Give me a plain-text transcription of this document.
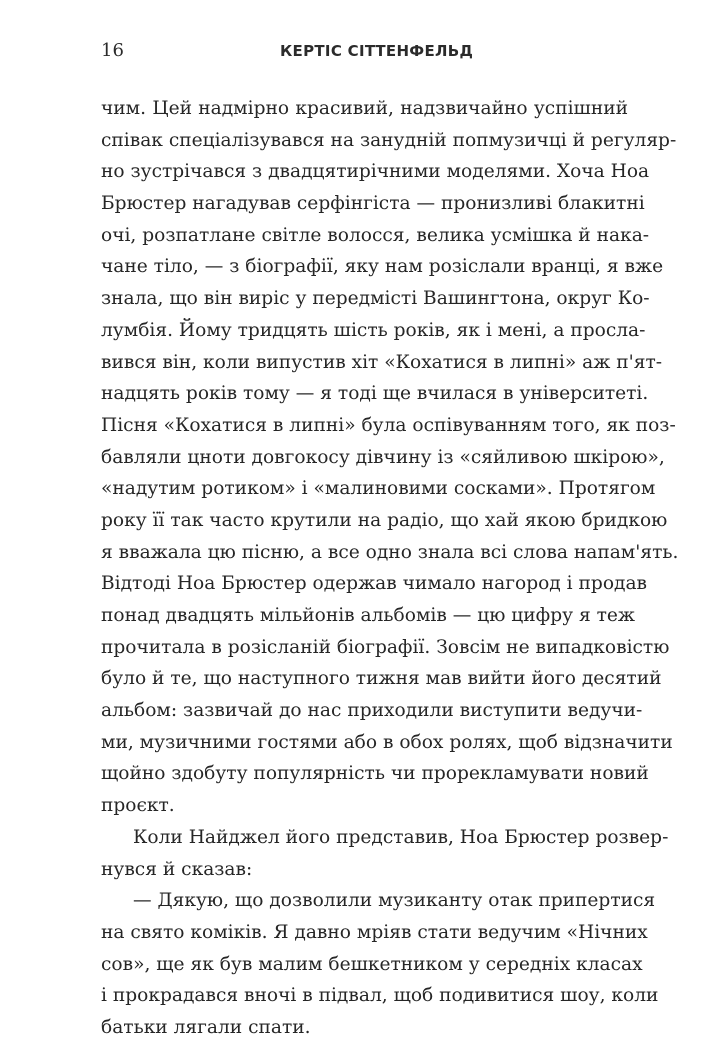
16	КЕРТІС СІТТЕНФЕЛЬД
чим. Цей надмірно красивий, надзвичайно успішний
співак спеціалізувався на занудній попмузичці й регуляр-
но зустрічався з двадцятирічними моделями. Хоча Ноа
Брюстер нагадував серфінгіста — пронизливі блакитні
очі, розпатлане світле волосся, велика усмішка й нака-
чане тіло, — з біографії, яку нам розіслали вранці, я вже
знала, що він виріс у передмісті Вашингтона, округ Ко-
лумбія. Йому тридцять шість років, як і мені, а просла-
вився він, коли випустив хіт «Кохатися в липні» аж п'ят-
надцять років тому — я тоді ще вчилася в університеті.
Пісня «Кохатися в липні» була оспівуванням того, як поз-
бавляли цноти довгокосу дівчину із «сяйливою шкірою»,
«надутим ротиком» і «малиновими сосками». Протягом
року її так часто крутили на радіо, що хай якою бридкою
я вважала цю пісню, а все одно знала всі слова напам'ять.
Відтоді Ноа Брюстер одержав чимало нагород і продав
понад двадцять мільйонів альбомів — цю цифру я теж
прочитала в розісланій біографії. Зовсім не випадковістю
було й те, що наступного тижня мав вийти його десятий
альбом: зазвичай до нас приходили виступити ведучи-
ми, музичними гостями або в обох ролях, щоб відзначити
щойно здобуту популярність чи прорекламувати новий
проєкт.
Коли Найджел його представив, Ноа Брюстер розвер-
нувся й сказав:
— Дякую, що дозволили музиканту отак припертися
на свято коміків. Я давно мріяв стати ведучим «Нічних
сов», ще як був малим бешкетником у середніх класах
і прокрадався вночі в підвал, щоб подивитися шоу, коли
батьки лягали спати.
